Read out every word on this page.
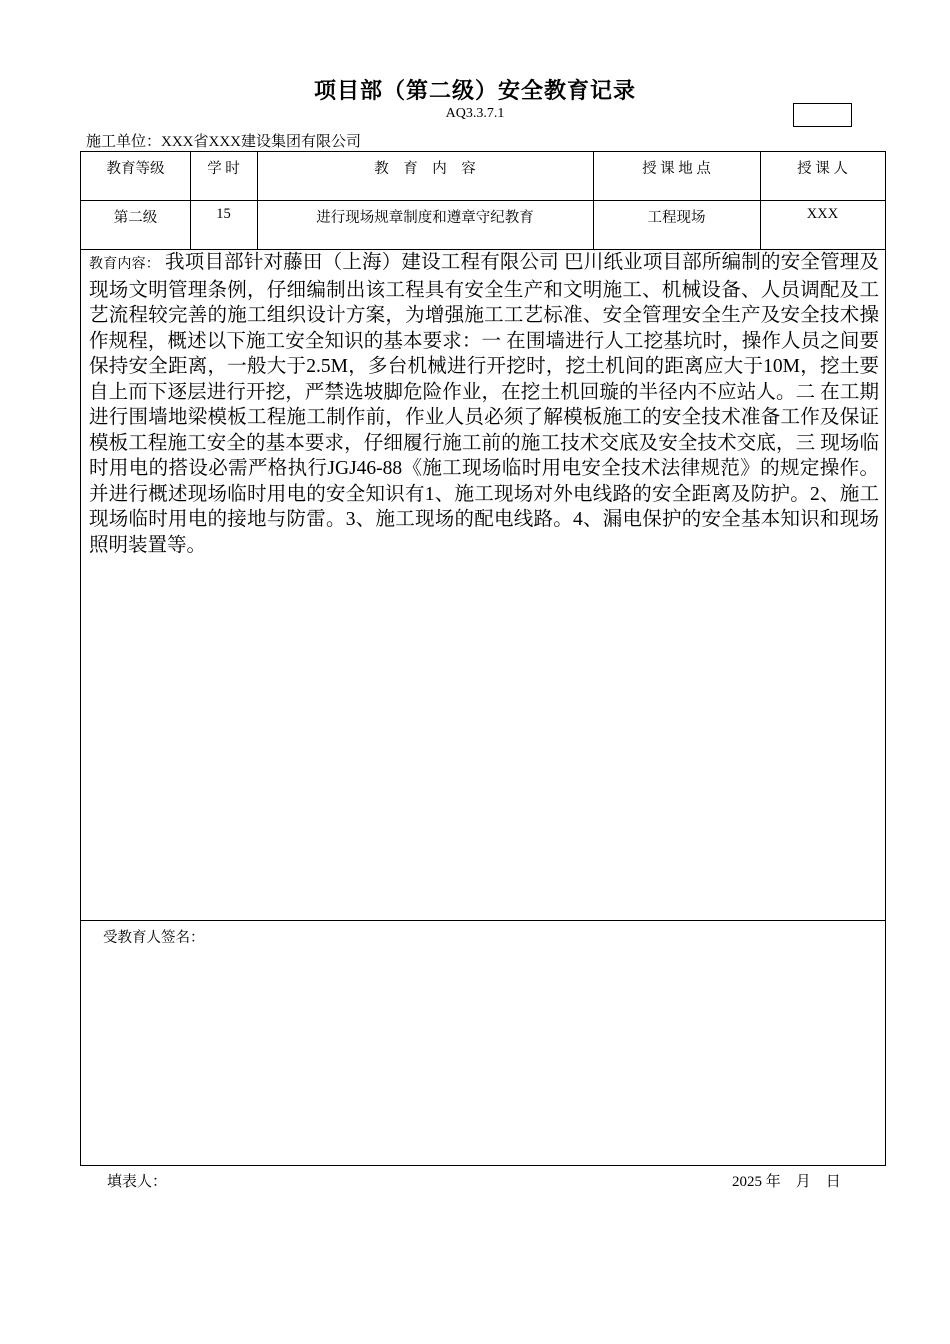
项目部（第二级）安全教育记录
AQ3.3.7.1
施工单位：XXX省XXX建设集团有限公司
教育等级	学 时	教　育　内　容	授 课 地 点	授 课 人
第二级	15	进行现场规章制度和遵章守纪教育	工程现场	XXX
教育内容： 我项目部针对藤田（上海）建设工程有限公司 巴川纸业项目部所编制的安全管理及现场文明管理条例，仔细编制出该工程具有安全生产和文明施工、机械设备、人员调配及工艺流程较完善的施工组织设计方案，为增强施工工艺标准、安全管理安全生产及安全技术操作规程，概述以下施工安全知识的基本要求：一 在围墙进行人工挖基坑时，操作人员之间要保持安全距离，一般大于2.5M，多台机械进行开挖时，挖土机间的距离应大于10M，挖土要自上而下逐层进行开挖，严禁选坡脚危险作业，在挖土机回璇的半径内不应站人。二 在工期进行围墙地梁模板工程施工制作前，作业人员必须了解模板施工的安全技术准备工作及保证模板工程施工安全的基本要求，仔细履行施工前的施工技术交底及安全技术交底，三 现场临时用电的搭设必需严格执行JGJ46-88《施工现场临时用电安全技术法律规范》的规定操作。并进行概述现场临时用电的安全知识有1、施工现场对外电线路的安全距离及防护。2、施工现场临时用电的接地与防雷。3、施工现场的配电线路。4、漏电保护的安全基本知识和现场照明装置等。
受教育人签名：
填表人：	2025 年　月　日
